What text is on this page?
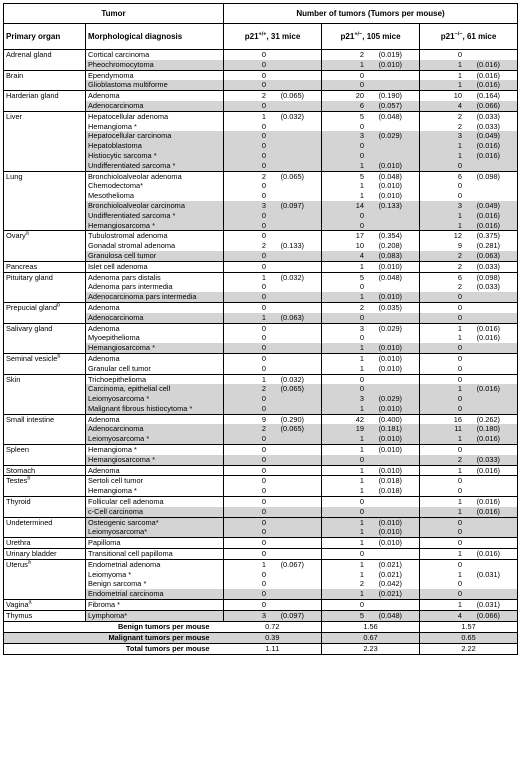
Tumor		Number of tumors (Tumors per mouse)		
Primary organ	Morphological diagnosis	p21+/+, 31 mice	p21+/−, 105 mice	p21−/−, 61 mice
Adrenal gland	Cortical carcinoma	0	2 (0.019)	0
	Pheochromocytoma	0	1 (0.010)	1 (0.016)
Brain	Ependymoma	0	0	1 (0.016)
	Glioblastoma multiforme	0	0	1 (0.016)
Harderian gland	Adenoma	2 (0.065)	20 (0.190)	10 (0.164)
	Adenocarcinoma	0	6 (0.057)	4 (0.066)
Liver	Hepatocellular adenoma	1 (0.032)	5 (0.048)	2 (0.033)
	Hemangioma *	0	0	2 (0.033)
	Hepatocellular carcinoma	0	3 (0.029)	3 (0.049)
	Hepatoblastoma	0	0	1 (0.016)
	Histiocytic sarcoma *	0	0	1 (0.016)
	Undifferentiated sarcoma *	0	1 (0.010)	0
Lung	Bronchioloalveolar adenoma	2 (0.065)	5 (0.048)	6 (0.098)
	Chemodectoma*	0	1 (0.010)	0
	Mesothelioma	0	1 (0.010)	0
	Bronchioloalveolar carcinoma	3 (0.097)	14 (0.133)	3 (0.049)
	Undifferentiated sarcoma *	0	0	1 (0.016)
	Hemangiosarcoma *	0	0	1 (0.016)
Ovary$^a$	Tubulostromal adenoma	0	17 (0.354)	12 (0.375)
	Gonadal stromal adenoma	2 (0.133)	10 (0.208)	9 (0.281)
	Granulosa cell tumor	0	4 (0.083)	2 (0.063)
Pancreas	Islet cell adenoma	0	1 (0.010)	2 (0.033)
Pituitary gland	Adenoma pars distalis	1 (0.032)	5 (0.048)	6 (0.098)
	Adenoma pars intermedia	0	0	2 (0.033)
	Adenocarcinoma pars intermedia	0	1 (0.010)	0
Prepucial gland$^b$	Adenoma	0	2 (0.035)	0
	Adenocarcinoma	1 (0.063)	0	0
Salivary gland	Adenoma	0	3 (0.029)	1 (0.016)
	Myoepithelioma	0	0	1 (0.016)
	Hemangiosarcoma *	0	1 (0.010)	0
Seminal vesicle$^b$	Adenoma	0	1 (0.010)	0
	Granular cell tumor	0	1 (0.010)	0
Skin	Trichoepithelioma	1 (0.032)	0	0
	Carcinoma, epithelial cell	2 (0.065)	0	1 (0.016)
	Leiomyosarcoma *	0	3 (0.029)	0
	Malignant fibrous histiocytoma *	0	1 (0.010)	0
Small intestine	Adenoma	9 (0.290)	42 (0.400)	16 (0.262)
	Adenocarcinoma	2 (0.065)	19 (0.181)	11 (0.180)
	Leiomyosarcoma *	0	1 (0.010)	1 (0.016)
Spleen	Hemangioma *	0	1 (0.010)	0
	Hemangiosarcoma *	0	0	2 (0.033)
Stomach	Adenoma	0	1 (0.010)	1 (0.016)
Testes$^b$	Sertoli cell tumor	0	1 (0.018)	0
	Hemangioma *	0	1 (0.018)	0
Thyroid	Follicular cell adenoma	0	0	1 (0.016)
	c-Cell carcinoma	0	0	1 (0.016)
Undetermined	Osteogenic sarcoma*	0	1 (0.010)	0
	Leiomyosarcoma*	0	1 (0.010)	0
Urethra	Papilloma	0	1 (0.010)	0
Urinary bladder	Transitional cell papilloma	0	0	1 (0.016)
Uterus$^a$	Endometrial adenoma	1 (0.067)	1 (0.021)	0
	Leiomyoma *	0	1 (0.021)	1 (0.031)
	Benign sarcoma *	0	2 (0.042)	0
	Endometrial carcinoma	0	1 (0.021)	0
Vagina$^a$	Fibroma *	0	0	1 (0.031)
Thymus	Lymphoma*	3 (0.097)	5 (0.048)	4 (0.066)
Benign tumors per mouse		0.72	1.56	1.57
Malignant tumors per mouse		0.39	0.67	0.65
Total tumors per mouse		1.11	2.23	2.22
